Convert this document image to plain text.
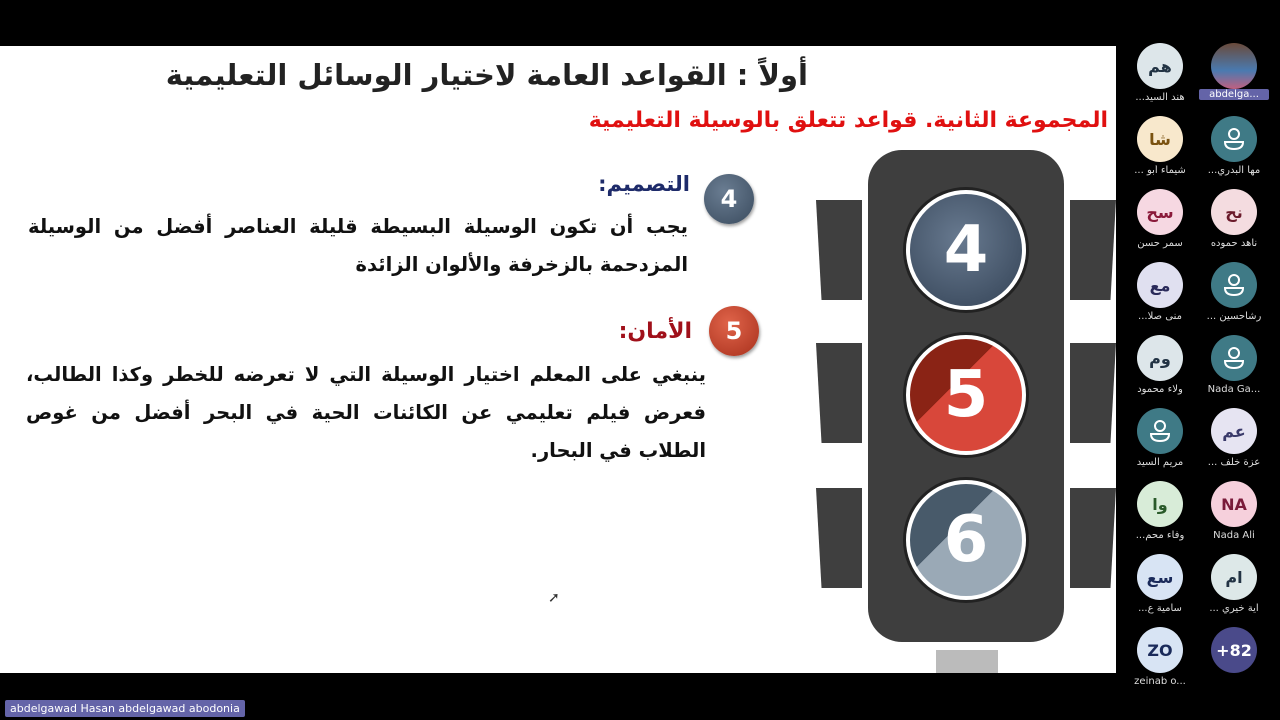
أولاً : القواعد العامة لاختيار الوسائل التعليمية
المجموعة الثانية. قواعد تتعلق بالوسيلة التعليمية
4
التصميم:
يجب أن تكون الوسيلة البسيطة قليلة العناصر أفضل من الوسيلة المزدحمة بالزخرفة والألوان الزائدة
5
الأمان:
ينبغي على المعلم اختيار الوسيلة التي لا تعرضه للخطر وكذا الطالب، فعرض فيلم تعليمي عن الكائنات الحية في البحر أفضل من غوص الطلاب في البحار.
4
5
6
➚
هم
...هند السيد	abdelga...
شا
... شيماء أبو	...مها البدري
سح
سمر حسن
نح
ناهد حموده
مع
...منى صلا	... رشاحسين
وم
ولاء محمود	Nada Ga...
مريم السيد
عم
... عزة خلف
وا
...وفاء محم
NA
Nada Ali
سع
...سامية ع
ام
... اية خيري
ZO
zeinab o...
+82
abdelgawad Hasan abdelgawad abodonia
